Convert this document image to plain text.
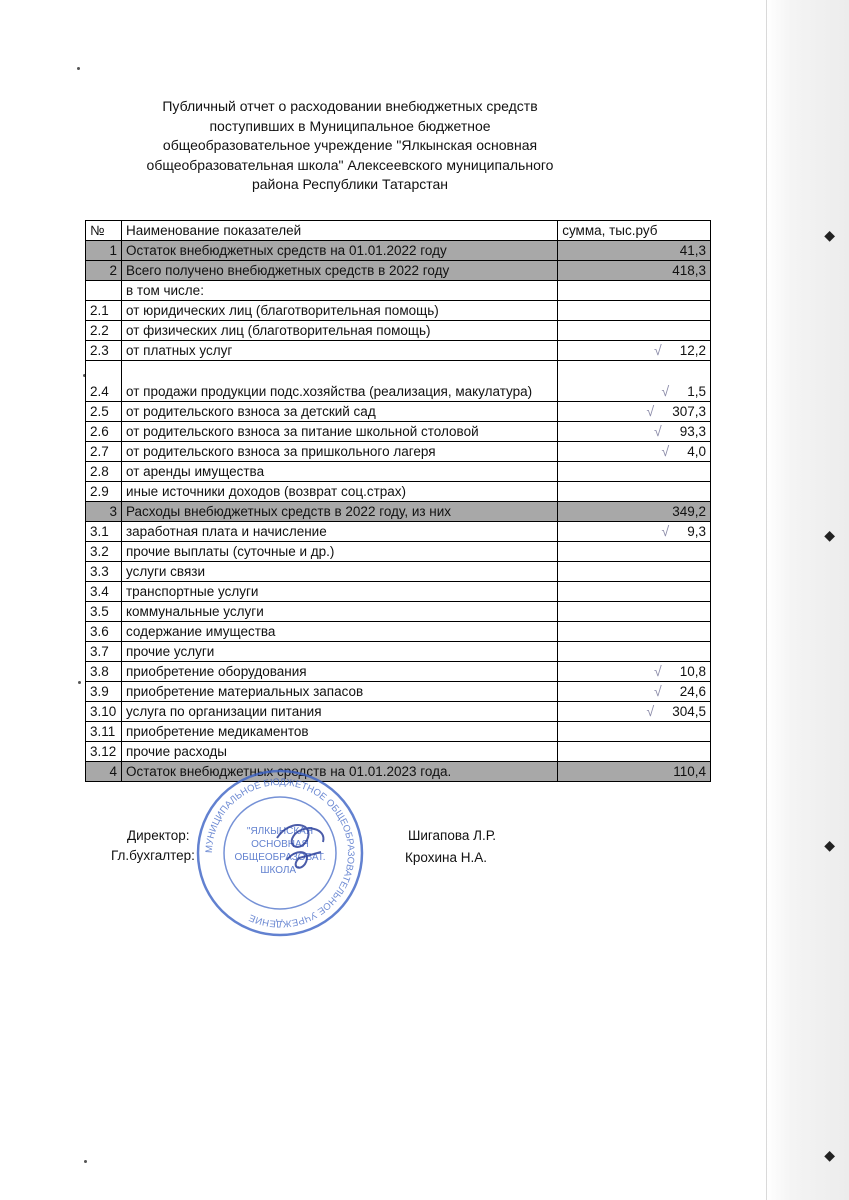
◆
◆
◆
◆
Публичный отчет о расходовании внебюджетных средств
поступивших в Муниципальное бюджетное
общеобразовательное учреждение "Ялкынская основная
общеобразовательная школа" Алексеевского муниципального
района Республики Татарстан
№	Наименование показателей	сумма, тыс.руб
1	Остаток внебюджетных средств на 01.01.2022 году	41,3
2	Всего получено внебюджетных средств в 2022 году	418,3
	в том числе:	
2.1	от юридических лиц (благотворительная помощь)	
2.2	от физических лиц (благотворительная помощь)	
2.3	от платных услуг	√ 12,2
2.4	от продажи продукции подс.хозяйства (реализация, макулатура)	√ 1,5
2.5	от родительского взноса за детский сад	√ 307,3
2.6	от родительского взноса за питание школьной столовой	√ 93,3
2.7	от родительского взноса за пришкольного лагеря	√ 4,0
2.8	от аренды имущества	
2.9	иные источники доходов (возврат соц.страх)	
3	Расходы внебюджетных средств в 2022 году, из них	349,2
3.1	заработная плата и начисление	√ 9,3
3.2	прочие выплаты (суточные и др.)	
3.3	услуги связи	
3.4	транспортные услуги	
3.5	коммунальные услуги	
3.6	содержание имущества	
3.7	прочие услуги	
3.8	приобретение оборудования	√ 10,8
3.9	приобретение материальных запасов	√ 24,6
3.10	услуга по организации питания	√ 304,5
3.11	приобретение медикаментов	
3.12	прочие расходы	
4	Остаток внебюджетных средств на 01.01.2023 года.	110,4
Директор:	Шигапова Л.Р.
Гл.бухгалтер:	Крохина Н.А.
МУНИЦИПАЛЬНОЕ БЮДЖЕТНОЕ ОБЩЕОБРАЗОВАТЕЛЬНОЕ УЧРЕЖДЕНИЕ
"ЯЛКЫНСКАЯ
ОСНОВНАЯ
ОБЩЕОБРАЗОВАТ.
ШКОЛА"
